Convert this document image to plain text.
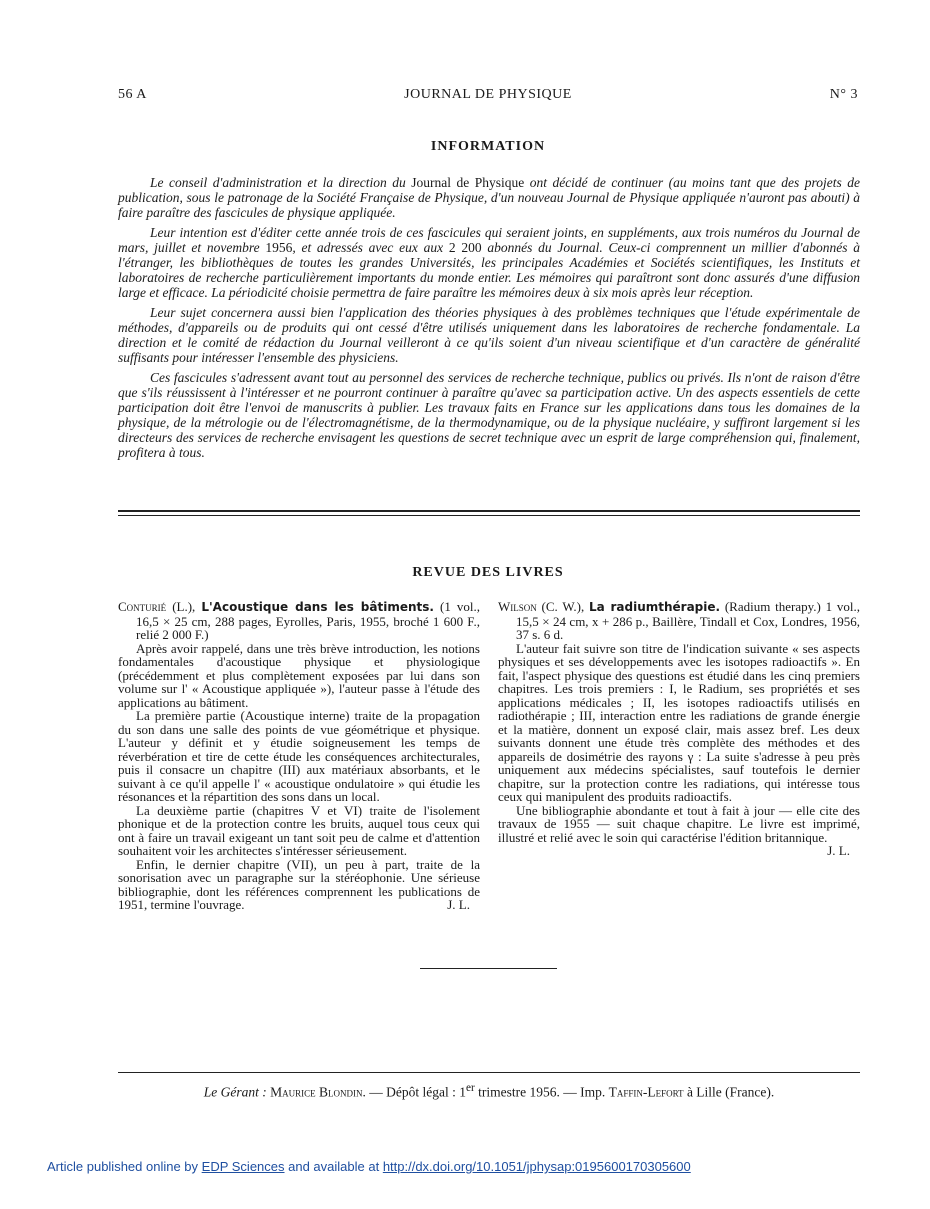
56 A	JOURNAL DE PHYSIQUE	N° 3
INFORMATION

Le conseil d'administration et la direction du Journal de Physique ont décidé de continuer (au moins tant que des projets de publication, sous le patronage de la Société Française de Physique, d'un nouveau Journal de Physique appliquée n'auront pas abouti) à faire paraître des fascicules de physique appliquée.

Leur intention est d'éditer cette année trois de ces fascicules qui seraient joints, en suppléments, aux trois numéros du Journal de mars, juillet et novembre 1956, et adressés avec eux aux 2 200 abonnés du Journal. Ceux-ci comprennent un millier d'abonnés à l'étranger, les bibliothèques de toutes les grandes Universités, les principales Académies et Sociétés scientifiques, les Instituts et laboratoires de recherche particulièrement importants du monde entier. Les mémoires qui paraîtront sont donc assurés d'une diffusion large et efficace. La périodicité choisie permettra de faire paraître les mémoires deux à six mois après leur réception.

Leur sujet concernera aussi bien l'application des théories physiques à des problèmes techniques que l'étude expérimentale de méthodes, d'appareils ou de produits qui ont cessé d'être utilisés uniquement dans les laboratoires de recherche fondamentale. La direction et le comité de rédaction du Journal veilleront à ce qu'ils soient d'un niveau scientifique et d'un caractère de généralité suffisants pour intéresser l'ensemble des physiciens.

Ces fascicules s'adressent avant tout au personnel des services de recherche technique, publics ou privés. Ils n'ont de raison d'être que s'ils réussissent à l'intéresser et ne pourront continuer à paraître qu'avec sa participation active. Un des aspects essentiels de cette participation doit être l'envoi de manuscrits à publier. Les travaux faits en France sur les applications dans tous les domaines de la physique, de la métrologie ou de l'électromagnétisme, de la thermodynamique, ou de la physique nucléaire, y suffiront largement si les directeurs des services de recherche envisagent les questions de secret technique avec un esprit de large compréhension qui, finalement, profitera à tous.

REVUE DES LIVRES

Conturié (L.), L'Acoustique dans les bâtiments. (1 vol., 16,5 × 25 cm, 288 pages, Eyrolles, Paris, 1955, broché 1 600 F., relié 2 000 F.)

Après avoir rappelé, dans une très brève introduction, les notions fondamentales d'acoustique physique et physiologique (précédemment et plus complètement exposées par lui dans son volume sur l' « Acoustique appliquée »), l'auteur passe à l'étude des applications au bâtiment.

La première partie (Acoustique interne) traite de la propagation du son dans une salle des points de vue géométrique et physique. L'auteur y définit et y étudie soigneusement les temps de réverbération et tire de cette étude les conséquences architecturales, puis il consacre un chapitre (III) aux matériaux absorbants, et le suivant à ce qu'il appelle l' « acoustique ondulatoire » qui étudie les résonances et la répartition des sons dans un local.

La deuxième partie (chapitres V et VI) traite de l'isolement phonique et de la protection contre les bruits, auquel tous ceux qui ont à faire un travail exigeant un tant soit peu de calme et d'attention souhaitent voir les architectes s'intéresser sérieusement.

Enfin, le dernier chapitre (VII), un peu à part, traite de la sonorisation avec un paragraphe sur la stéréophonie. Une sérieuse bibliographie, dont les références comprennent les publications de 1951, termine l'ouvrage.	J. L.

Wilson (C. W.), La radiumthérapie. (Radium therapy.) 1 vol., 15,5 × 24 cm, x + 286 p., Baillère, Tindall et Cox, Londres, 1956, 37 s. 6 d.

L'auteur fait suivre son titre de l'indication suivante « ses aspects physiques et ses développements avec les isotopes radioactifs ». En fait, l'aspect physique des questions est étudié dans les cinq premiers chapitres. Les trois premiers : I, le Radium, ses propriétés et ses applications médicales ; II, les isotopes radioactifs utilisés en radiothérapie ; III, interaction entre les radiations de grande énergie et la matière, donnent un exposé clair, mais assez bref. Les deux suivants donnent une étude très complète des méthodes et des appareils de dosimétrie des rayons γ : La suite s'adresse à peu près uniquement aux médecins spécialistes, sauf toutefois le dernier chapitre, sur la protection contre les radiations, qui intéresse tous ceux qui manipulent des produits radioactifs.

Une bibliographie abondante et tout à fait à jour — elle cite des travaux de 1955 — suit chaque chapitre. Le livre est imprimé, illustré et relié avec le soin qui caractérise l'édition britannique.
J. L.

Le Gérant : Maurice Blondin. — Dépôt légal : 1er trimestre 1956. — Imp. Taffin-Lefort à Lille (France).
Article published online by EDP Sciences and available at http://dx.doi.org/10.1051/jphysap:0195600170305600
